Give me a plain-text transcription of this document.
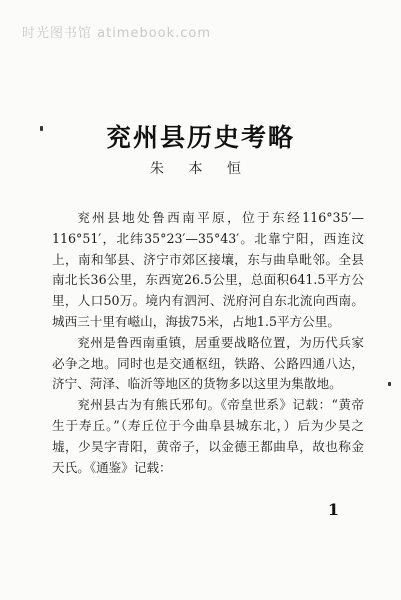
时光图书馆 atimebook.com
兖州县历史考略
朱 本 恒

兖州县地处鲁西南平原，位于东经116°35′—116°51′，北纬35°23′—35°43′。北靠宁阳，西连汶上，南和邹县、济宁市郊区接壤，东与曲阜毗邻。全县南北长36公里，东西宽26.5公里，总面积641.5平方公里，人口50万。境内有泗河、洸府河自东北流向西南。城西三十里有嵫山，海拔75米，占地1.5平方公里。

兖州是鲁西南重镇，居重要战略位置，为历代兵家必争之地。同时也是交通枢纽，铁路、公路四通八达，济宁、菏泽、临沂等地区的货物多以这里为集散地。

兖州县古为有熊氏邪旬。《帝皇世系》记载：“黄帝生于寿丘。”（寿丘位于今曲阜县城东北，）后为少昊之墟，少昊字青阳，黄帝子，以金德王都曲阜，故也称金天氏。《通鉴》记载：

1
